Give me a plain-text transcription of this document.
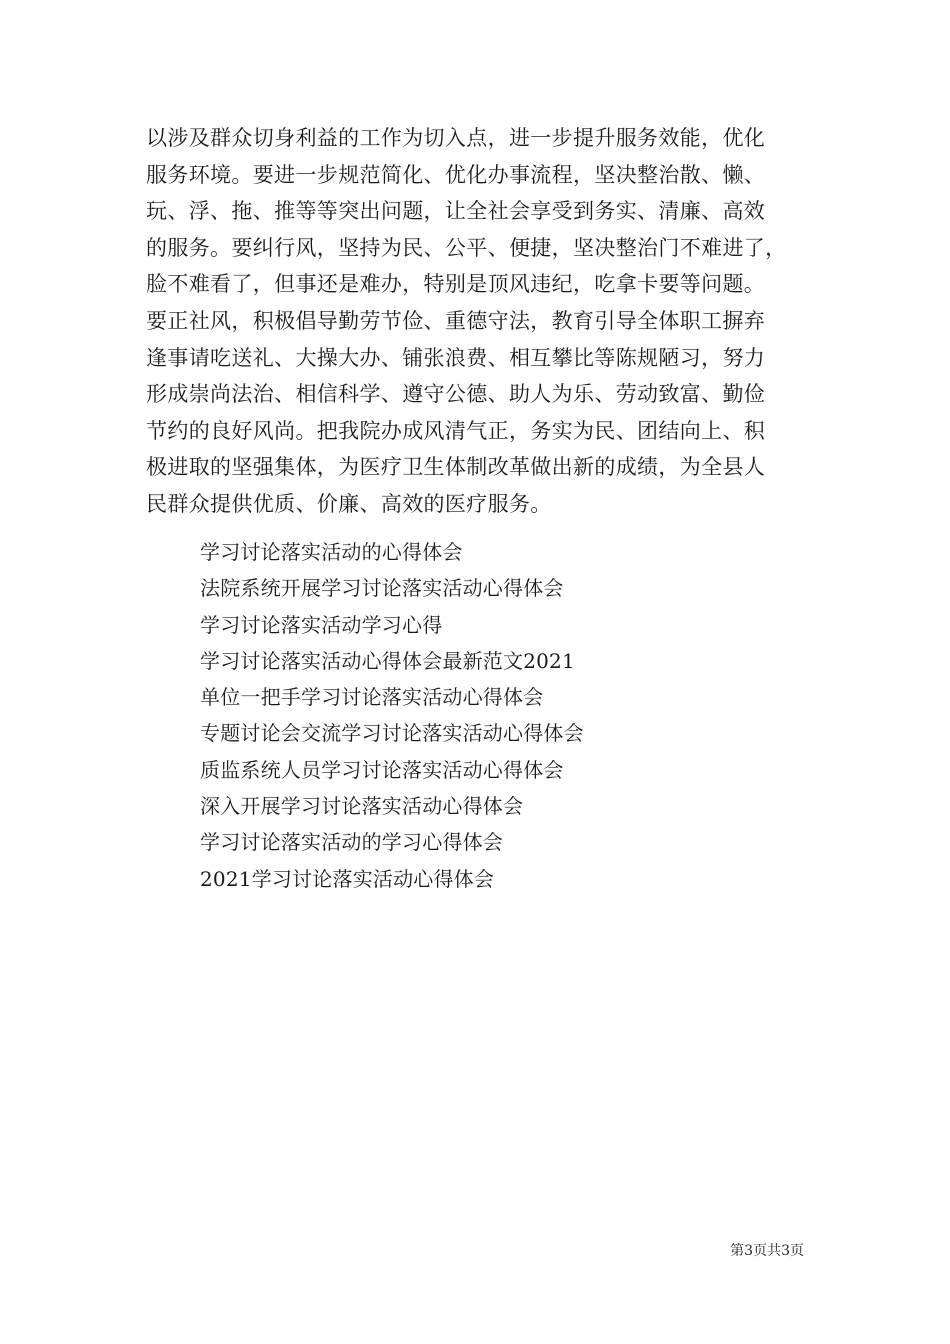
以涉及群众切身利益的工作为切入点，进一步提升服务效能，优化
服务环境。要进一步规范简化、优化办事流程，坚决整治散、懒、
玩、浮、拖、推等等突出问题，让全社会享受到务实、清廉、高效
的服务。要纠行风，坚持为民、公平、便捷，坚决整治门不难进了，
脸不难看了，但事还是难办，特别是顶风违纪，吃拿卡要等问题。
要正社风，积极倡导勤劳节俭、重德守法，教育引导全体职工摒弃
逢事请吃送礼、大操大办、铺张浪费、相互攀比等陈规陋习，努力
形成崇尚法治、相信科学、遵守公德、助人为乐、劳动致富、勤俭
节约的良好风尚。把我院办成风清气正，务实为民、团结向上、积
极进取的坚强集体，为医疗卫生体制改革做出新的成绩，为全县人
民群众提供优质、价廉、高效的医疗服务。
学习讨论落实活动的心得体会
法院系统开展学习讨论落实活动心得体会
学习讨论落实活动学习心得
学习讨论落实活动心得体会最新范文2021
单位一把手学习讨论落实活动心得体会
专题讨论会交流学习讨论落实活动心得体会
质监系统人员学习讨论落实活动心得体会
深入开展学习讨论落实活动心得体会
学习讨论落实活动的学习心得体会
2021学习讨论落实活动心得体会
第3页共3页
